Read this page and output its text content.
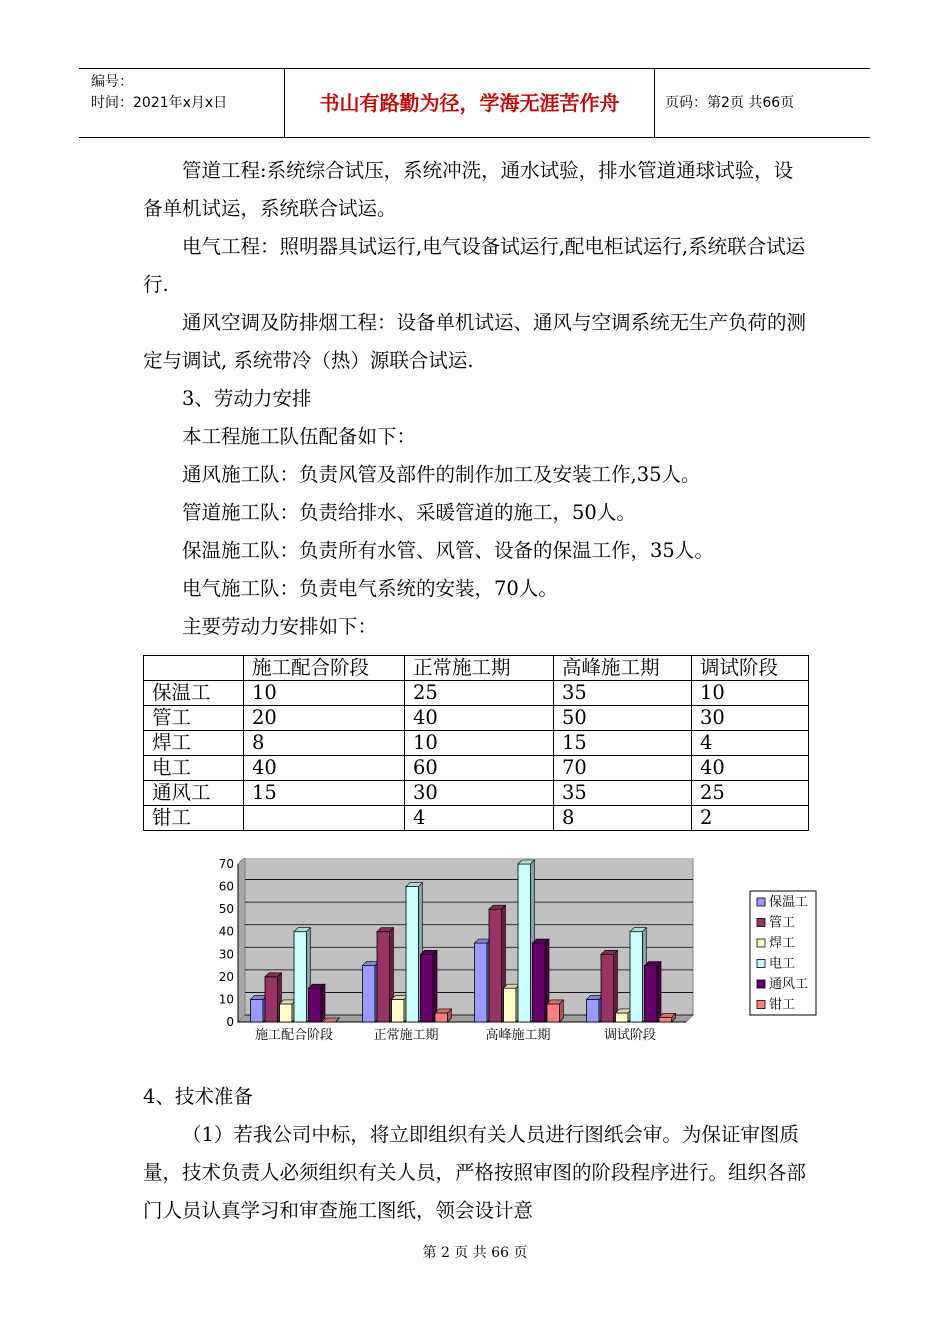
编号：
时间：2021年x月x日	书山有路勤为径，学海无涯苦作舟	页码：第2页 共66页

管道工程:系统综合试压，系统冲洗，通水试验，排水管道通球试验，设备单机试运，系统联合试运。

电气工程：照明器具试运行,电气设备试运行,配电柜试运行,系统联合试运行.

通风空调及防排烟工程：设备单机试运、通风与空调系统无生产负荷的测定与调试, 系统带冷（热）源联合试运.

3、劳动力安排

本工程施工队伍配备如下：

通风施工队：负责风管及部件的制作加工及安装工作,35人。

管道施工队：负责给排水、采暖管道的施工，50人。

保温施工队：负责所有水管、风管、设备的保温工作，35人。

电气施工队：负责电气系统的安装，70人。

主要劳动力安排如下：

	施工配合阶段	正常施工期	高峰施工期	调试阶段
保温工	10	25	35	10
管工	20	40	50	30
焊工	8	10	15	4
电工	40	60	70	40
通风工	15	30	35	25
钳工		4	8	2
0
10
20
30
40
50
60
70
施工配合阶段	正常施工期	高峰施工期	调试阶段
保温工
管工
焊工
电工
通风工
钳工

4、技术准备

（1）若我公司中标，将立即组织有关人员进行图纸会审。为保证审图质量，技术负责人必须组织有关人员，严格按照审图的阶段程序进行。组织各部门人员认真学习和审查施工图纸，领会设计意

第 2 页 共 66 页
